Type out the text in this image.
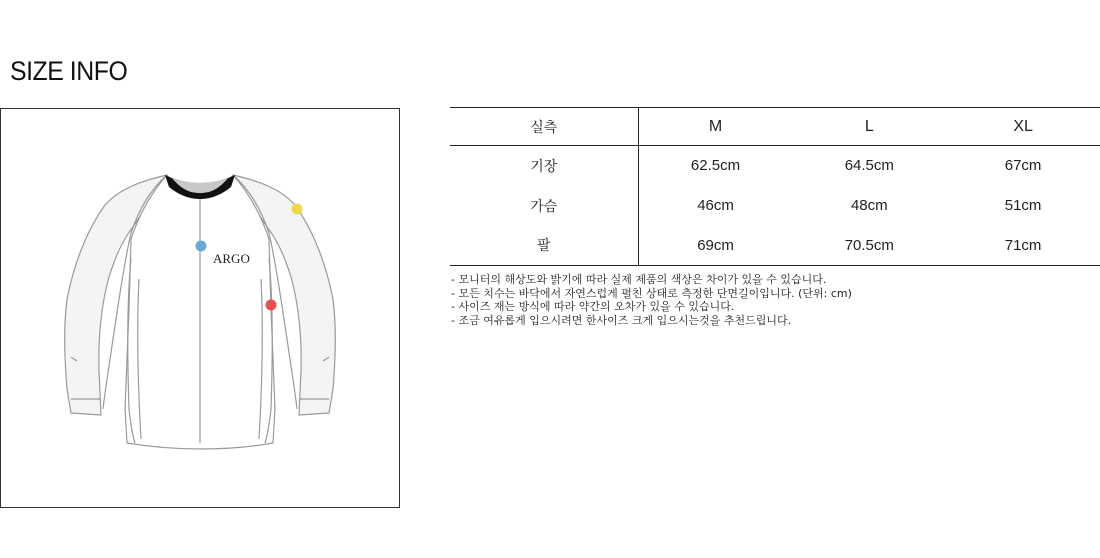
SIZE INFO
ARGO
실측	M	L	XL
기장	62.5cm	64.5cm	67cm
가슴	46cm	48cm	51cm
팔	69cm	70.5cm	71cm
- 모니터의 해상도와 밝기에 따라 실제 제품의 색상은 차이가 있을 수 있습니다.
- 모든 치수는 바닥에서 자연스럽게 펼친 상태로 측정한 단면길이입니다. (단위: cm)
- 사이즈 재는 방식에 따라 약간의 오차가 있을 수 있습니다.
- 조금 여유롭게 입으시려면 한사이즈 크게 입으시는것을 추천드립니다.
